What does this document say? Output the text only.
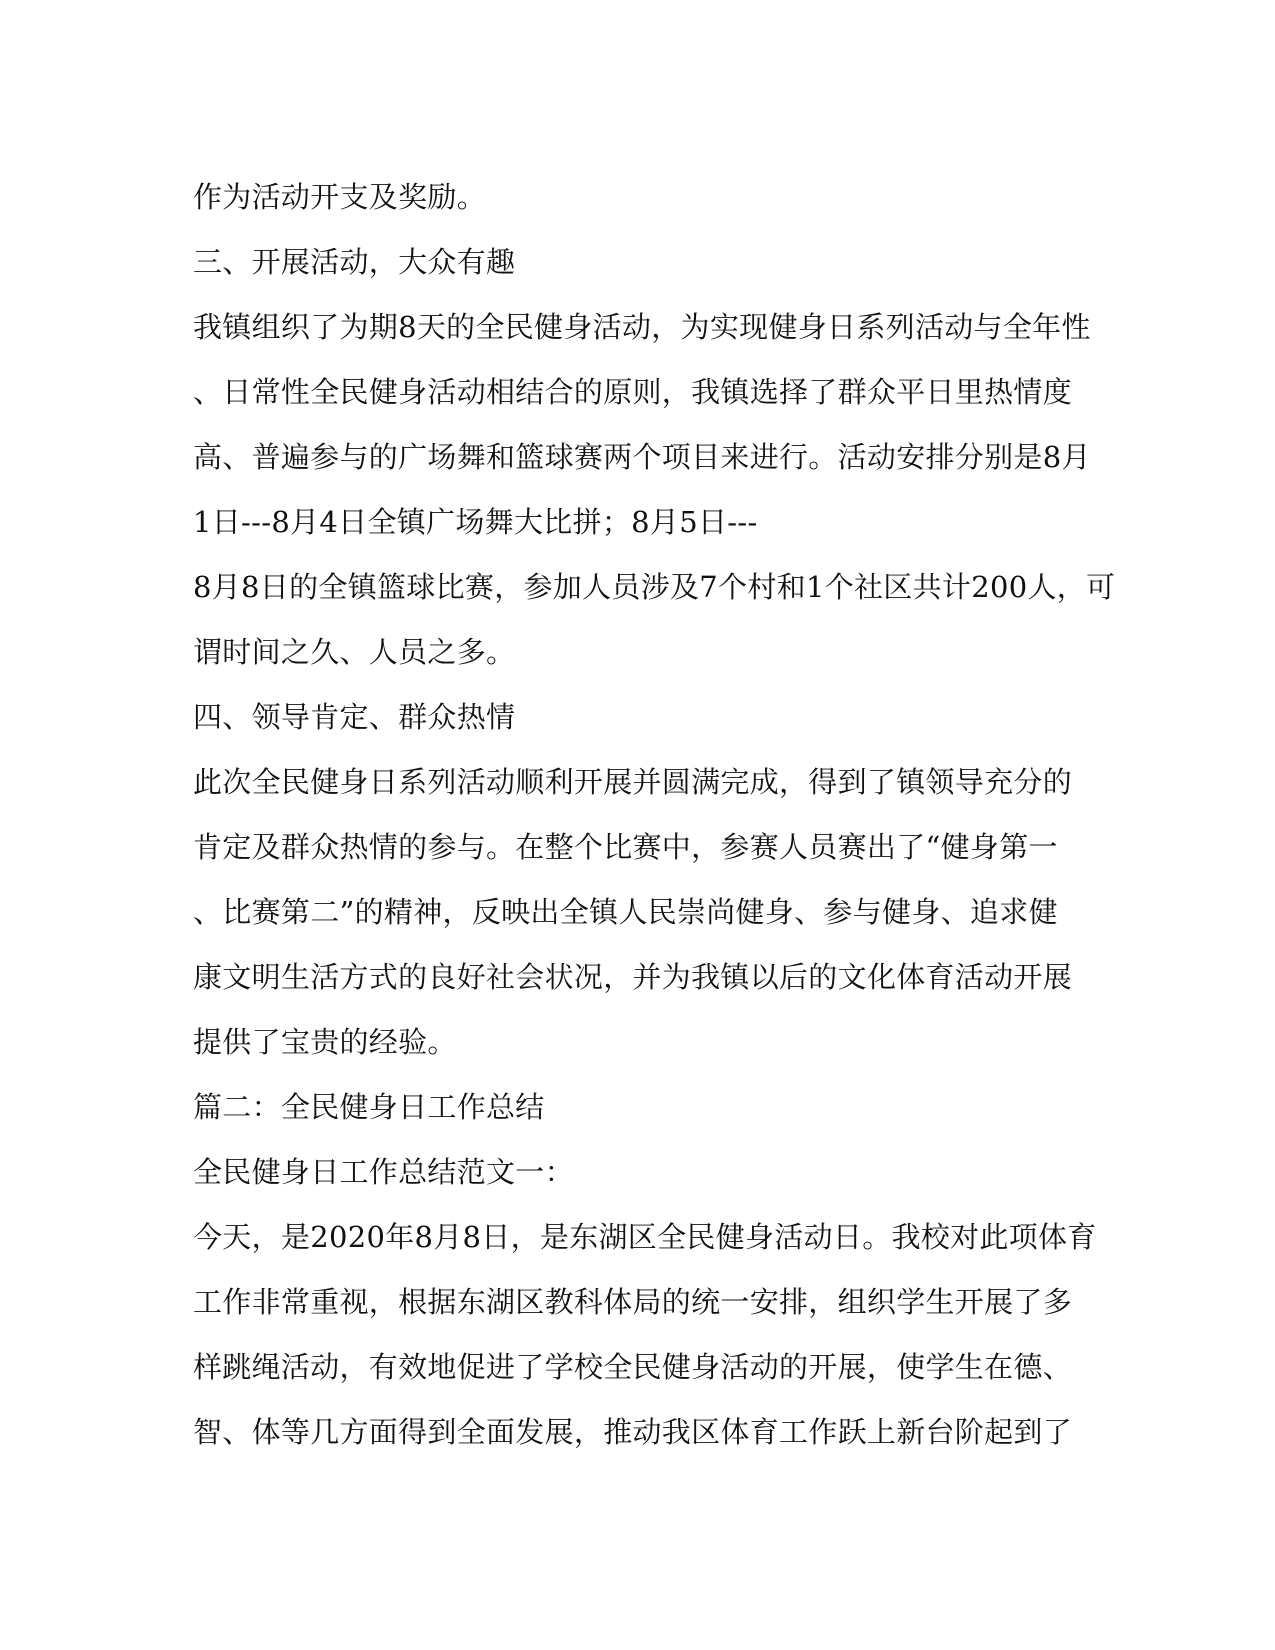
作为活动开支及奖励。
三、开展活动，大众有趣
我镇组织了为期8天的全民健身活动，为实现健身日系列活动与全年性
、日常性全民健身活动相结合的原则，我镇选择了群众平日里热情度
高、普遍参与的广场舞和篮球赛两个项目来进行。活动安排分别是8月
1日---8月4日全镇广场舞大比拼；8月5日---
8月8日的全镇篮球比赛，参加人员涉及7个村和1个社区共计200人，可
谓时间之久、人员之多。
四、领导肯定、群众热情
此次全民健身日系列活动顺利开展并圆满完成，得到了镇领导充分的
肯定及群众热情的参与。在整个比赛中，参赛人员赛出了“健身第一
、比赛第二”的精神，反映出全镇人民崇尚健身、参与健身、追求健
康文明生活方式的良好社会状况，并为我镇以后的文化体育活动开展
提供了宝贵的经验。
篇二：全民健身日工作总结
全民健身日工作总结范文一：
今天，是2020年8月8日，是东湖区全民健身活动日。我校对此项体育
工作非常重视，根据东湖区教科体局的统一安排，组织学生开展了多
样跳绳活动，有效地促进了学校全民健身活动的开展，使学生在德、
智、体等几方面得到全面发展，推动我区体育工作跃上新台阶起到了
